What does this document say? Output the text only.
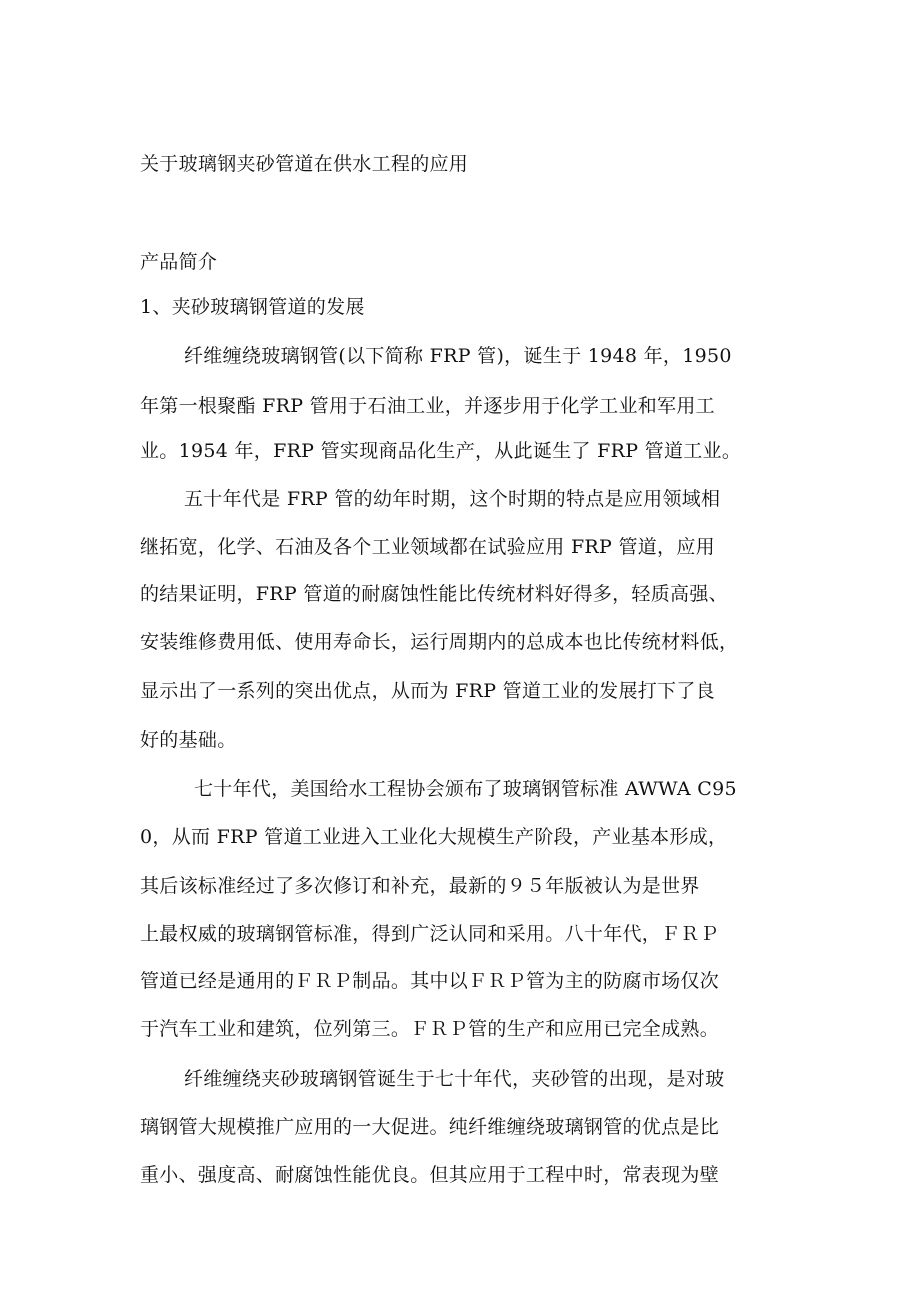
关于玻璃钢夹砂管道在供水工程的应用
产品简介
1、夹砂玻璃钢管道的发展
纤维缠绕玻璃钢管(以下简称 FRP 管)，诞生于 1948 年，1950
年第一根聚酯 FRP 管用于石油工业，并逐步用于化学工业和军用工
业。1954 年，FRP 管实现商品化生产，从此诞生了 FRP 管道工业。
五十年代是 FRP 管的幼年时期，这个时期的特点是应用领域相
继拓宽，化学、石油及各个工业领域都在试验应用 FRP 管道，应用
的结果证明，FRP 管道的耐腐蚀性能比传统材料好得多，轻质高强、
安装维修费用低、使用寿命长，运行周期内的总成本也比传统材料低，
显示出了一系列的突出优点，从而为 FRP 管道工业的发展打下了良
好的基础。
七十年代，美国给水工程协会颁布了玻璃钢管标准 AWWA C95
0，从而 FRP 管道工业进入工业化大规模生产阶段，产业基本形成，
其后该标准经过了多次修订和补充，最新的９５年版被认为是世界
上最权威的玻璃钢管标准，得到广泛认同和采用。八十年代，ＦＲＰ
管道已经是通用的ＦＲＰ制品。其中以ＦＲＰ管为主的防腐市场仅次
于汽车工业和建筑，位列第三。ＦＲＰ管的生产和应用已完全成熟。
纤维缠绕夹砂玻璃钢管诞生于七十年代，夹砂管的出现，是对玻
璃钢管大规模推广应用的一大促进。纯纤维缠绕玻璃钢管的优点是比
重小、强度高、耐腐蚀性能优良。但其应用于工程中时，常表现为壁
